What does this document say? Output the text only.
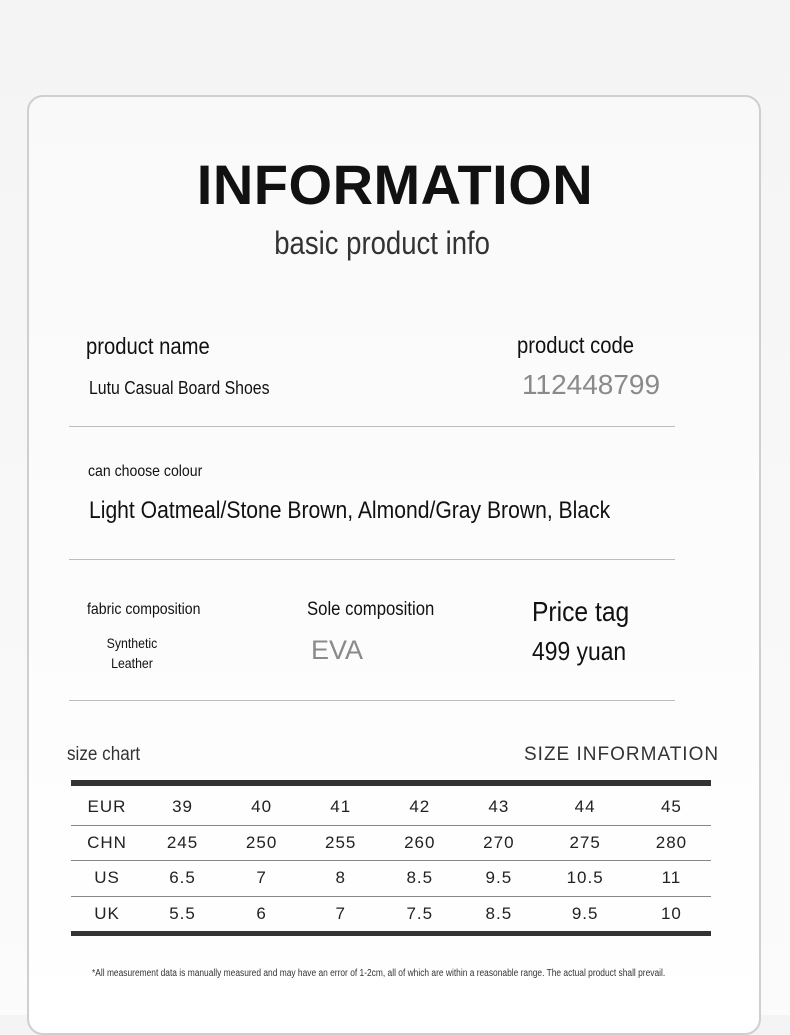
INFORMATION
basic product info
product name
Lutu Casual Board Shoes
product code
112448799
can choose colour
Light Oatmeal/Stone Brown, Almond/Gray Brown, Black
fabric composition
Synthetic
Leather
Sole composition
EVA
Price tag
499 yuan
size chart	SIZE INFORMATION
EUR	39	40	41	42	43	44	45
CHN	245	250	255	260	270	275	280
US	6.5	7	8	8.5	9.5	10.5	11
UK	5.5	6	7	7.5	8.5	9.5	10
*All measurement data is manually measured and may have an error of 1-2cm, all of which are within a reasonable range. The actual product shall prevail.
